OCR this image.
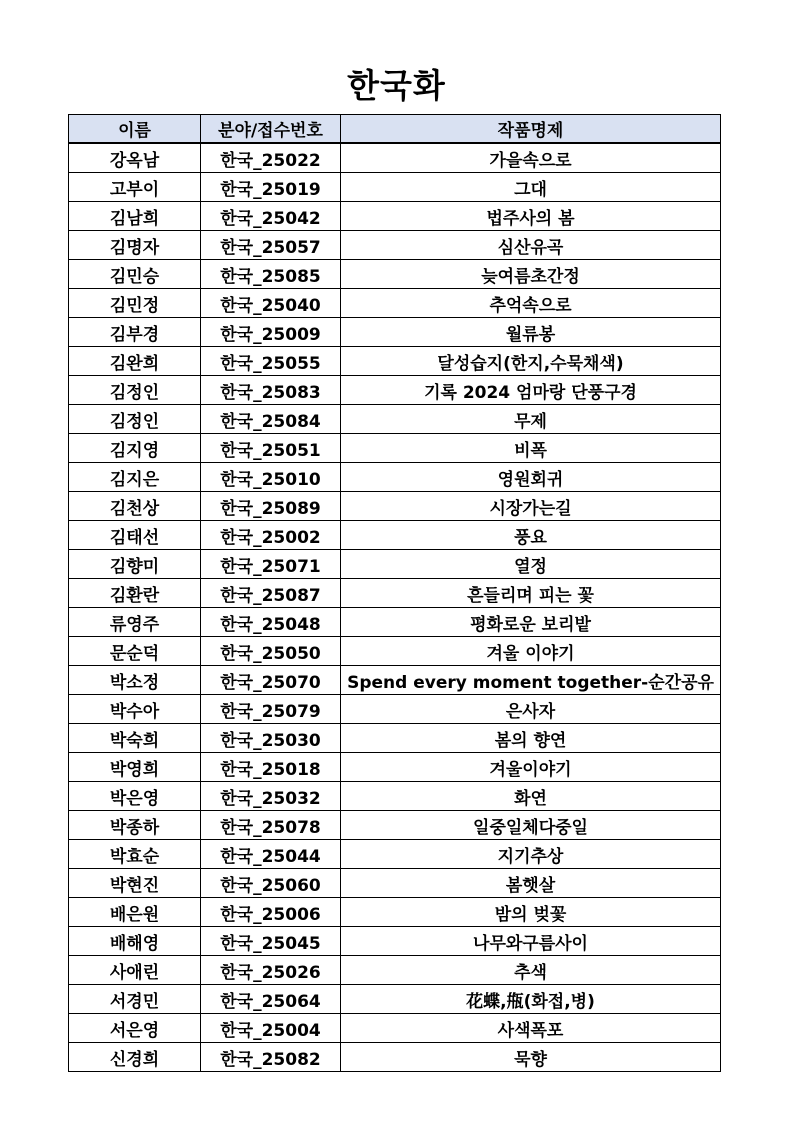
한국화
이름	분야/접수번호	작품명제
강옥남	한국_25022	가을속으로
고부이	한국_25019	그대
김남희	한국_25042	법주사의 봄
김명자	한국_25057	심산유곡
김민승	한국_25085	늦여름초간정
김민정	한국_25040	추억속으로
김부경	한국_25009	월류봉
김완희	한국_25055	달성습지(한지,수묵채색)
김정인	한국_25083	기록 2024 엄마랑 단풍구경
김정인	한국_25084	무제
김지영	한국_25051	비폭
김지은	한국_25010	영원회귀
김천상	한국_25089	시장가는길
김태선	한국_25002	풍요
김향미	한국_25071	열정
김환란	한국_25087	흔들리며 피는 꽃
류영주	한국_25048	평화로운 보리밭
문순덕	한국_25050	겨울 이야기
박소정	한국_25070	Spend every moment together-순간공유
박수아	한국_25079	은사자
박숙희	한국_25030	봄의 향연
박영희	한국_25018	겨울이야기
박은영	한국_25032	화연
박종하	한국_25078	일중일체다중일
박효순	한국_25044	지기추상
박현진	한국_25060	봄햇살
배은원	한국_25006	밤의 벚꽃
배해영	한국_25045	나무와구름사이
사애린	한국_25026	추색
서경민	한국_25064	花蝶,甁(화접,병)
서은영	한국_25004	사색폭포
신경희	한국_25082	묵향
